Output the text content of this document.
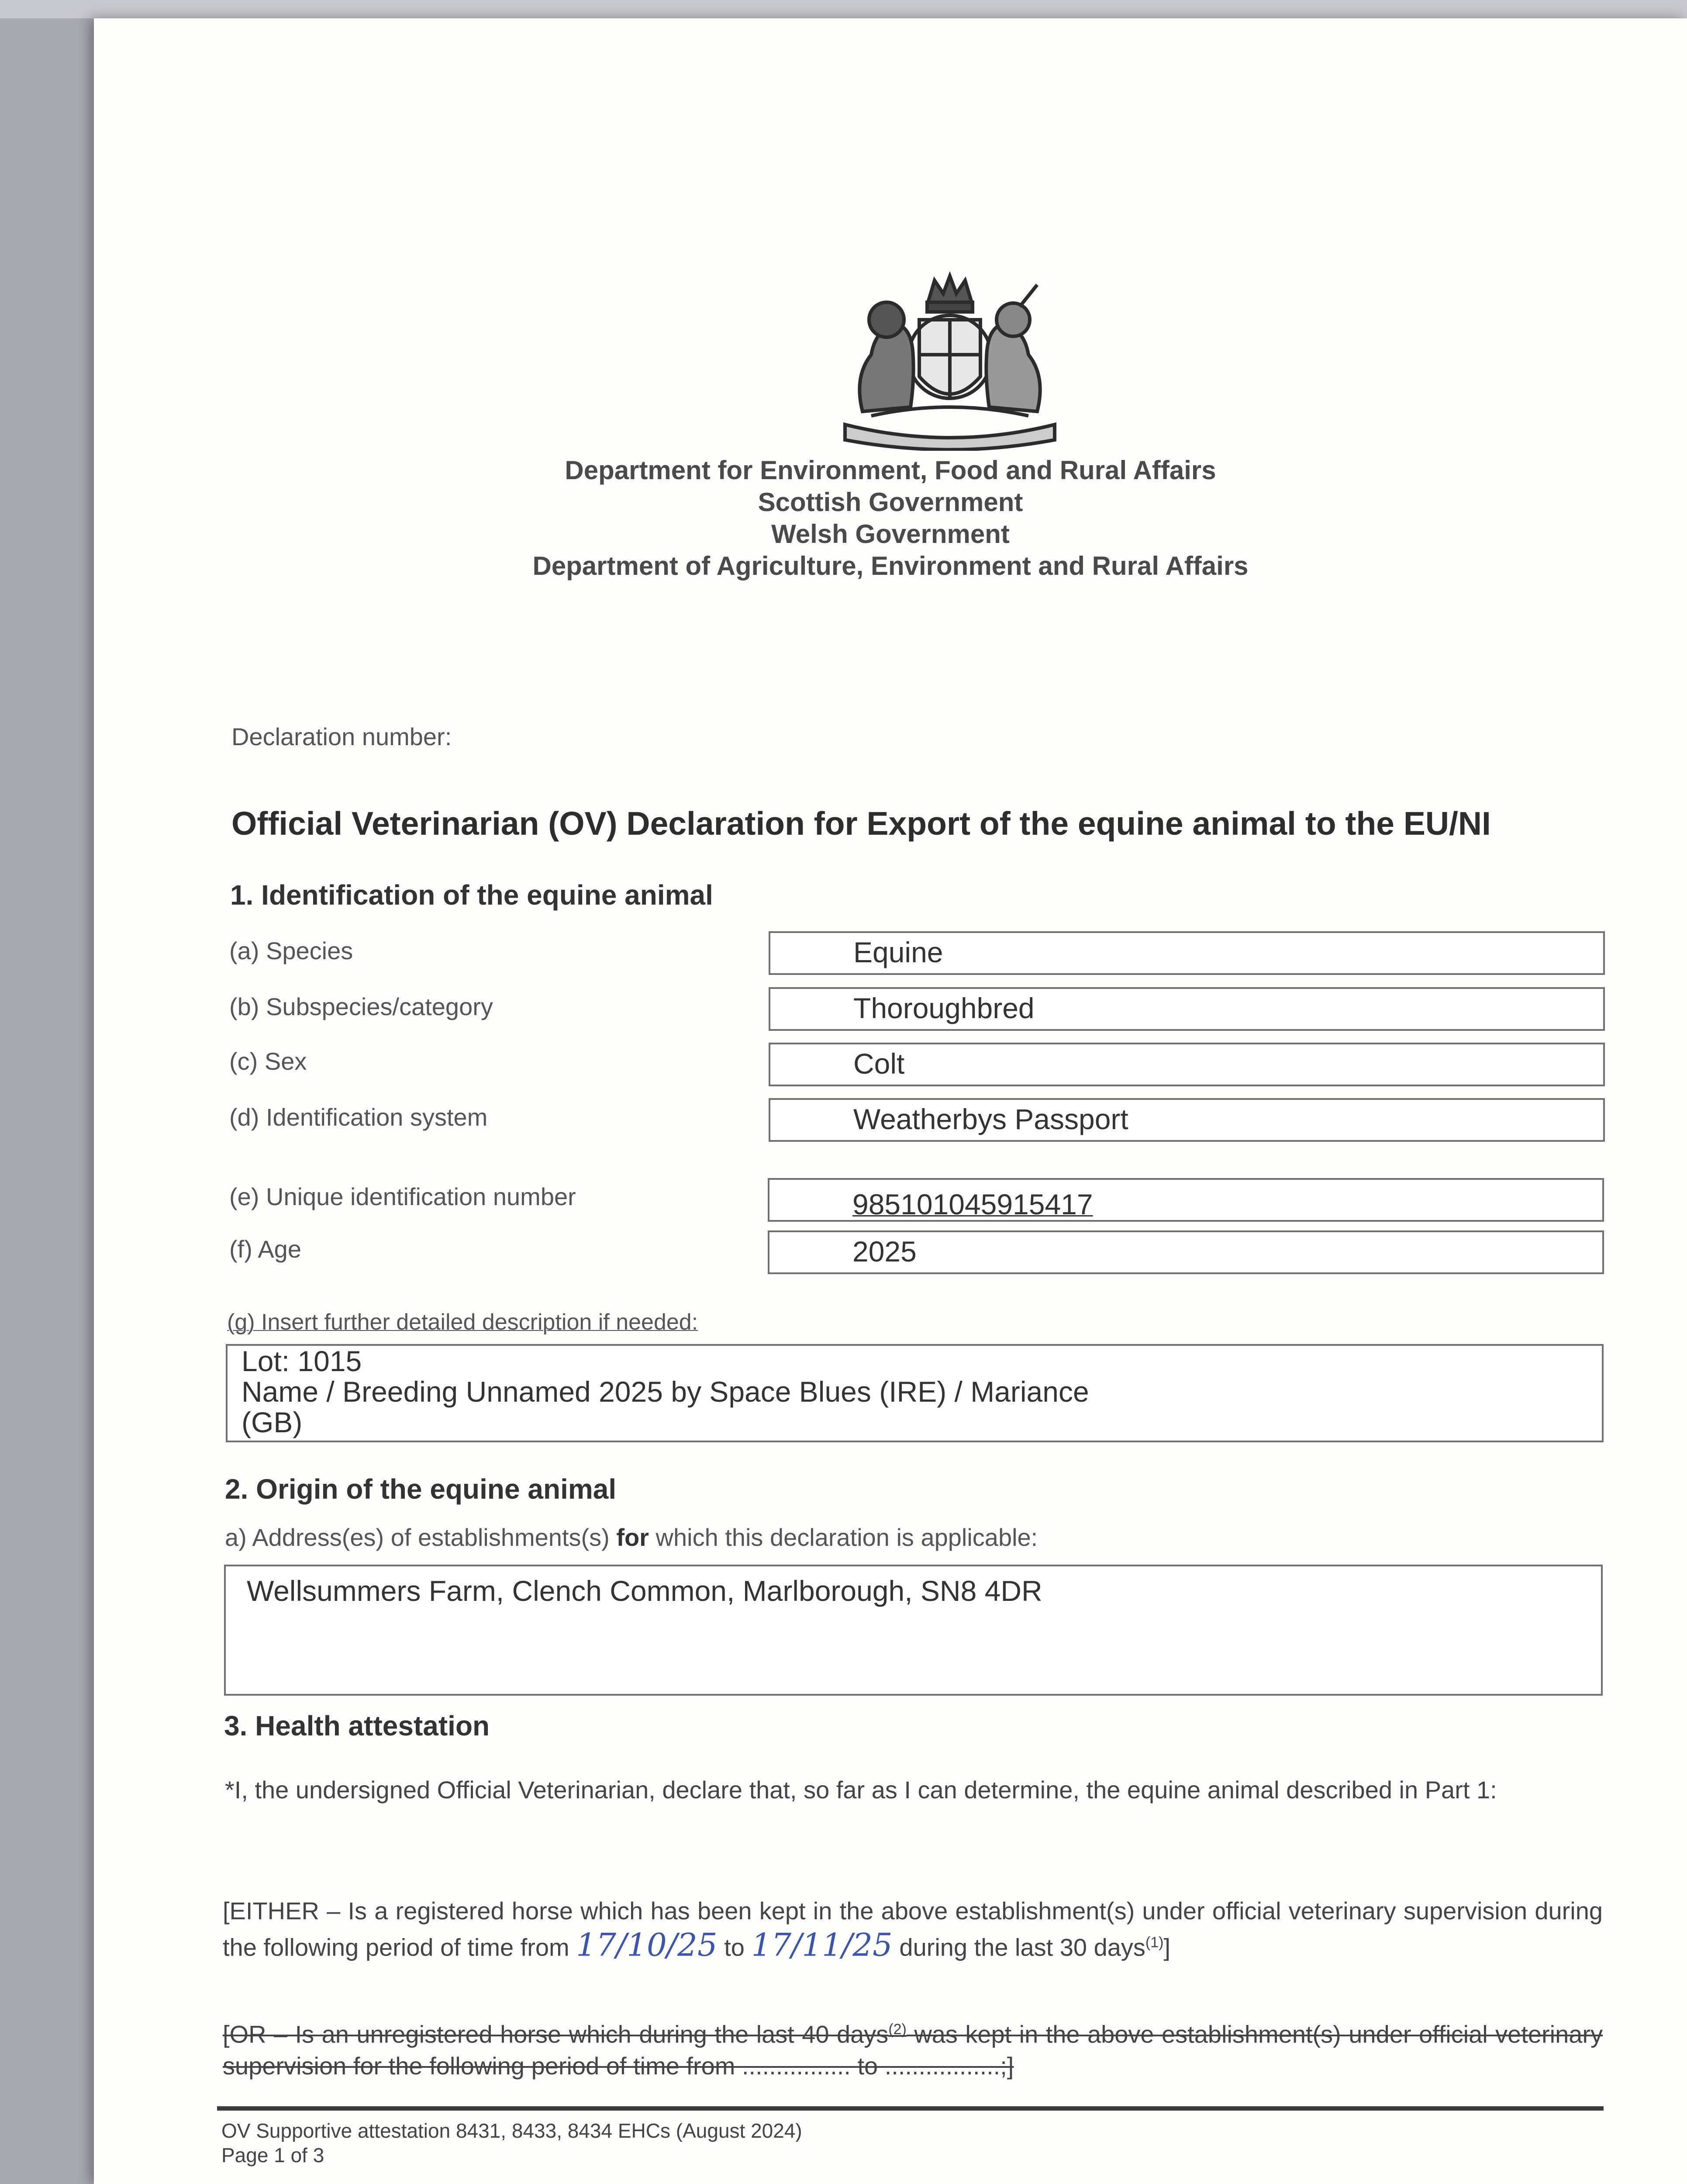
Department for Environment, Food and Rural Affairs
Scottish Government
Welsh Government
Department of Agriculture, Environment and Rural Affairs
Declaration number:
Official Veterinarian (OV) Declaration for Export of the equine animal to the EU/NI
1. Identification of the equine animal
(a) Species	Equine
(b) Subspecies/category	Thoroughbred
(c) Sex	Colt
(d) Identification system	Weatherbys Passport
(e) Unique identification number	985101045915417
(f) Age	2025
(g) Insert further detailed description if needed:
Lot: 1015
Name / Breeding Unnamed 2025 by Space Blues (IRE) / Mariance
(GB)
2. Origin of the equine animal
a) Address(es) of establishments(s) for which this declaration is applicable:
Wellsummers Farm, Clench Common, Marlborough, SN8 4DR
3. Health attestation
*I, the undersigned Official Veterinarian, declare that, so far as I can determine, the equine animal described in Part 1:
[EITHER – Is a registered horse which has been kept in the above establishment(s) under official veterinary supervision during the following period of time from 17/10/25 to 17/11/25 during the last 30 days$^{(1)}$]
[OR – Is an unregistered horse which during the last 40 days$^{(2)}$ was kept in the above establishment(s) under official veterinary supervision for the following period of time from ................ to .................;]
OV Supportive attestation 8431, 8433, 8434 EHCs (August 2024)
Page 1 of 3
